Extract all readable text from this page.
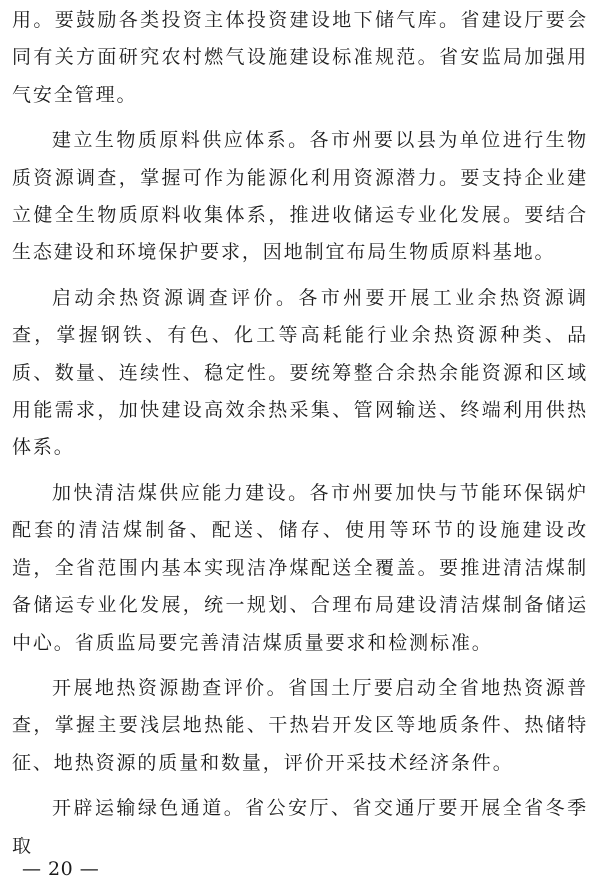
用。要鼓励各类投资主体投资建设地下储气库。省建设厅要会同有关方面研究农村燃气设施建设标准规范。省安监局加强用气安全管理。

建立生物质原料供应体系。各市州要以县为单位进行生物质资源调查，掌握可作为能源化利用资源潜力。要支持企业建立健全生物质原料收集体系，推进收储运专业化发展。要结合生态建设和环境保护要求，因地制宜布局生物质原料基地。

启动余热资源调查评价。各市州要开展工业余热资源调查，掌握钢铁、有色、化工等高耗能行业余热资源种类、品质、数量、连续性、稳定性。要统筹整合余热余能资源和区域用能需求，加快建设高效余热采集、管网输送、终端利用供热体系。

加快清洁煤供应能力建设。各市州要加快与节能环保锅炉配套的清洁煤制备、配送、储存、使用等环节的设施建设改造，全省范围内基本实现洁净煤配送全覆盖。要推进清洁煤制备储运专业化发展，统一规划、合理布局建设清洁煤制备储运中心。省质监局要完善清洁煤质量要求和检测标准。

开展地热资源勘查评价。省国土厅要启动全省地热资源普查，掌握主要浅层地热能、干热岩开发区等地质条件、热储特征、地热资源的质量和数量，评价开采技术经济条件。

开辟运输绿色通道。省公安厅、省交通厅要开展全省冬季取

— 20 —
